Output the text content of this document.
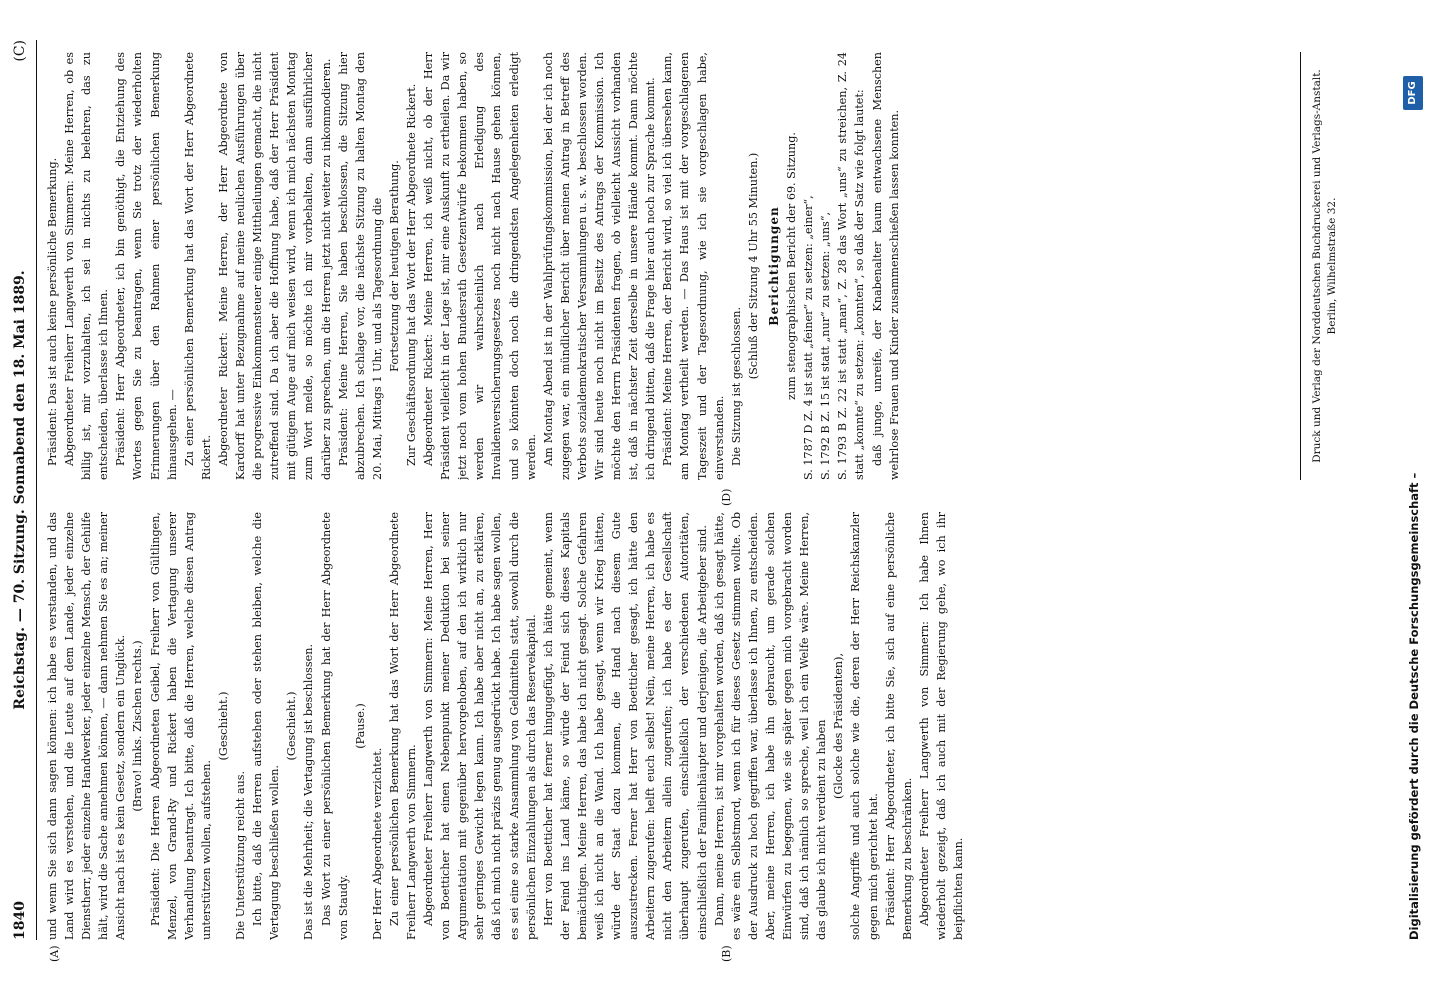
1840
Reichstag. — 70. Sitzung. Sonnabend den 18. Mai 1889.
(C)
(A)	(B)
(D)

und wenn Sie sich dann sagen können: ich habe es verstanden, und das Land wird es verstehen, und die Leute auf dem Lande, jeder einzelne Dienstherr, jeder einzelne Handwerker, jeder einzelne Mensch, der Gehilfe hält, wird die Sache annehmen können, — dann nehmen Sie es an; meiner Ansicht nach ist es kein Gesetz, sondern ein Unglück. (Bravo! links. Zischen rechts.) Präsident: Die Herren Abgeordneten Geibel, Freiherr von Gültlingen, Menzel, von Grand-Ry und Rickert haben die Vertagung unserer Verhandlung beantragt. Ich bitte, daß die Herren, welche diesen Antrag unterstützen wollen, aufstehen.

(Geschieht.)

Die Unterstützung reicht aus. Ich bitte, daß die Herren aufstehen oder stehen bleiben, welche die Vertagung beschließen wollen.

(Geschieht.) Das ist die Mehrheit; die Vertagung ist beschlossen. Das Wort zu einer persönlichen Bemerkung hat der Herr Abgeordnete von Staudy.

(Pause.)

Der Herr Abgeordnete verzichtet. Zu einer persönlichen Bemerkung hat das Wort der Herr Abgeordnete Freiherr Langwerth von Simmern. Abgeordneter Freiherr Langwerth von Simmern: Meine Herren, Herr von Boetticher hat einen Nebenpunkt meiner Deduktion bei seiner Argumentation mit gegenüber hervorgehoben, auf den ich wirklich nur sehr geringes Gewicht legen kann. Ich habe aber nicht an, zu erklären, daß ich mich nicht präzis genug ausgedrückt habe. Ich habe sagen wollen, es sei eine so starke Ansammlung von Geldmitteln statt, sowohl durch die persönlichen Einzahlungen als durch das Reservekapital. Herr von Boetticher hat ferner hingugefügt, ich hätte gemeint, wenn der Feind ins Land käme, so würde der Feind sich dieses Kapitals bemächtigen. Meine Herren, das habe ich nicht gesagt. Solche Gefahren weiß ich nicht an die Wand. Ich habe gesagt, wenn wir Krieg hätten, würde der Staat dazu kommen, die Hand nach diesem Gute auszustrecken. Ferner hat Herr von Boetticher gesagt, ich hätte den Arbeitern zugerufen: helft euch selbst! Nein, meine Herren, ich habe es nicht den Arbeitern allein zugerufen; ich habe es der Gesellschaft überhaupt zugerufen, einschließlich der verschiedenen Autoritäten, einschließlich der Familienhäupter und derjenigen, die Arbeitgeber sind. Dann, meine Herren, ist mir vorgehalten worden, daß ich gesagt hätte, es wäre ein Selbstmord, wenn ich für dieses Gesetz stimmen wollte. Ob der Ausdruck zu hoch gegriffen war, überlasse ich Ihnen, zu entscheiden. Aber, meine Herren, ich habe ihn gebraucht, um gerade solchen Einwürfen zu begegnen, wie sie später gegen mich vorgebracht worden sind, daß ich nämlich so spreche, weil ich ein Welfe wäre. Meine Herren, das glaube ich nicht verdient zu haben (Glocke des Präsidenten), solche Angriffe und auch solche wie die, deren der Herr Reichskanzler gegen mich gerichtet hat. Präsident: Herr Abgeordneter, ich bitte Sie, sich auf eine persönliche Bemerkung zu beschränken. Abgeordneter Freiherr Langwerth von Simmern: Ich habe Ihnen wiederholt gezeigt, daß ich auch mit der Regierung gehe, wo ich ihr beipflichten kann.

Präsident: Das ist auch keine persönliche Bemerkung. Abgeordneter Freiherr Langwerth von Simmern: Meine Herren, ob es billig ist, mir vorzuhalten, ich sei in nichts zu belehren, das zu entscheiden, überlasse ich Ihnen. Präsident: Herr Abgeordneter, ich bin genöthigt, die Entziehung des Wortes gegen Sie zu beantragen, wenn Sie trotz der wiederholten Erinnerungen über den Rahmen einer persönlichen Bemerkung hinausgehen. — Zu einer persönlichen Bemerkung hat das Wort der Herr Abgeordnete Rickert. Abgeordneter Rickert: Meine Herren, der Herr Abgeordnete von Kardorff hat unter Bezugnahme auf meine neulichen Ausführungen über die progressive Einkommensteuer einige Mittheilungen gemacht, die nicht zutreffend sind. Da ich aber die Hoffnung habe, daß der Herr Präsident mit gütigem Auge auf mich weisen wird, wenn ich mich nächsten Montag zum Wort melde, so möchte ich mir vorbehalten, dann ausführlicher darüber zu sprechen, um die Herren jetzt nicht weiter zu inkommodieren. Präsident: Meine Herren, Sie haben beschlossen, die Sitzung hier abzubrechen. Ich schlage vor, die nächste Sitzung zu halten Montag den 20. Mai, Mittags 1 Uhr, und als Tagesordnung die Fortsetzung der heutigen Berathung. Zur Geschäftsordnung hat das Wort der Herr Abgeordnete Rickert. Abgeordneter Rickert: Meine Herren, ich weiß nicht, ob der Herr Präsident vielleicht in der Lage ist, mir eine Auskunft zu ertheilen. Da wir jetzt noch vom hohen Bundesrath Gesetzentwürfe bekommen haben, so werden wir wahrscheinlich nach Erledigung des Invalidenversicherungsgesetzes noch nicht nach Hause gehen können, und so könnten doch noch die dringendsten Angelegenheiten erledigt werden. Am Montag Abend ist in der Wahlprüfungskommission, bei der ich noch zugegen war, ein mündlicher Bericht über meinen Antrag in Betreff des Verbots sozialdemokratischer Versammlungen u. s. w. beschlossen worden. Wir sind heute noch nicht im Besitz des Antrags der Kommission. Ich möchte den Herrn Präsidenten fragen, ob vielleicht Aussicht vorhanden ist, daß in nächster Zeit derselbe in unsere Hände kommt. Dann möchte ich dringend bitten, daß die Frage hier auch noch zur Sprache kommt. Präsident: Meine Herren, der Bericht wird, so viel ich übersehen kann, am Montag vertheilt werden. — Das Haus ist mit der vorgeschlagenen Tageszeit und der Tagesordnung, wie ich sie vorgeschlagen habe, einverstanden. Die Sitzung ist geschlossen.

(Schluß der Sitzung 4 Uhr 55 Minuten.) Berichtigungen zum stenographischen Bericht der 69. Sitzung. S. 1787 D Z. 4 ist statt „feiner“ zu setzen: „einer“, S. 1792 B Z. 15 ist statt „nur“ zu setzen: „uns“, S. 1793 B Z. 22 ist statt „man“, Z. 28 das Wort „uns“ zu streichen, Z. 24 statt „konnte“ zu setzen: „konnten“, so daß der Satz wie folgt lautet: daß junge, unreife, der Knabenalter kaum entwachsene Menschen wehrlose Frauen und Kinder zusammenschießen lassen konnten.	Druck und Verlag der Norddeutschen Buchdruckerei und Verlags-Anstalt. Berlin, Wilhelmstraße 32.
Digitalisierung gefördert durch die Deutsche Forschungsgemeinschaft –
DFG
